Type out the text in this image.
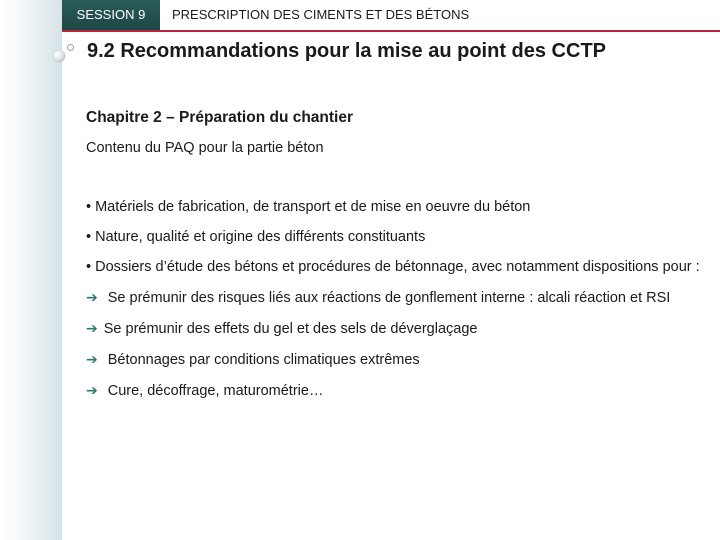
SESSION 9	PRESCRIPTION DES CIMENTS ET DES BÉTONS
9.2 Recommandations pour la mise au point des CCTP
Chapitre 2 – Préparation du chantier
Contenu du PAQ pour la partie béton
• Matériels de fabrication, de transport et de mise en oeuvre du béton
• Nature, qualité et origine des différents constituants
• Dossiers d’étude des bétons et procédures de bétonnage, avec notamment dispositions pour :
➔ Se prémunir des risques liés aux réactions de gonflement interne : alcali réaction et RSI
➔ Se prémunir des effets du gel et des sels de déverglaçage
➔ Bétonnages par conditions climatiques extrêmes
➔ Cure, décoffrage, maturométrie…
